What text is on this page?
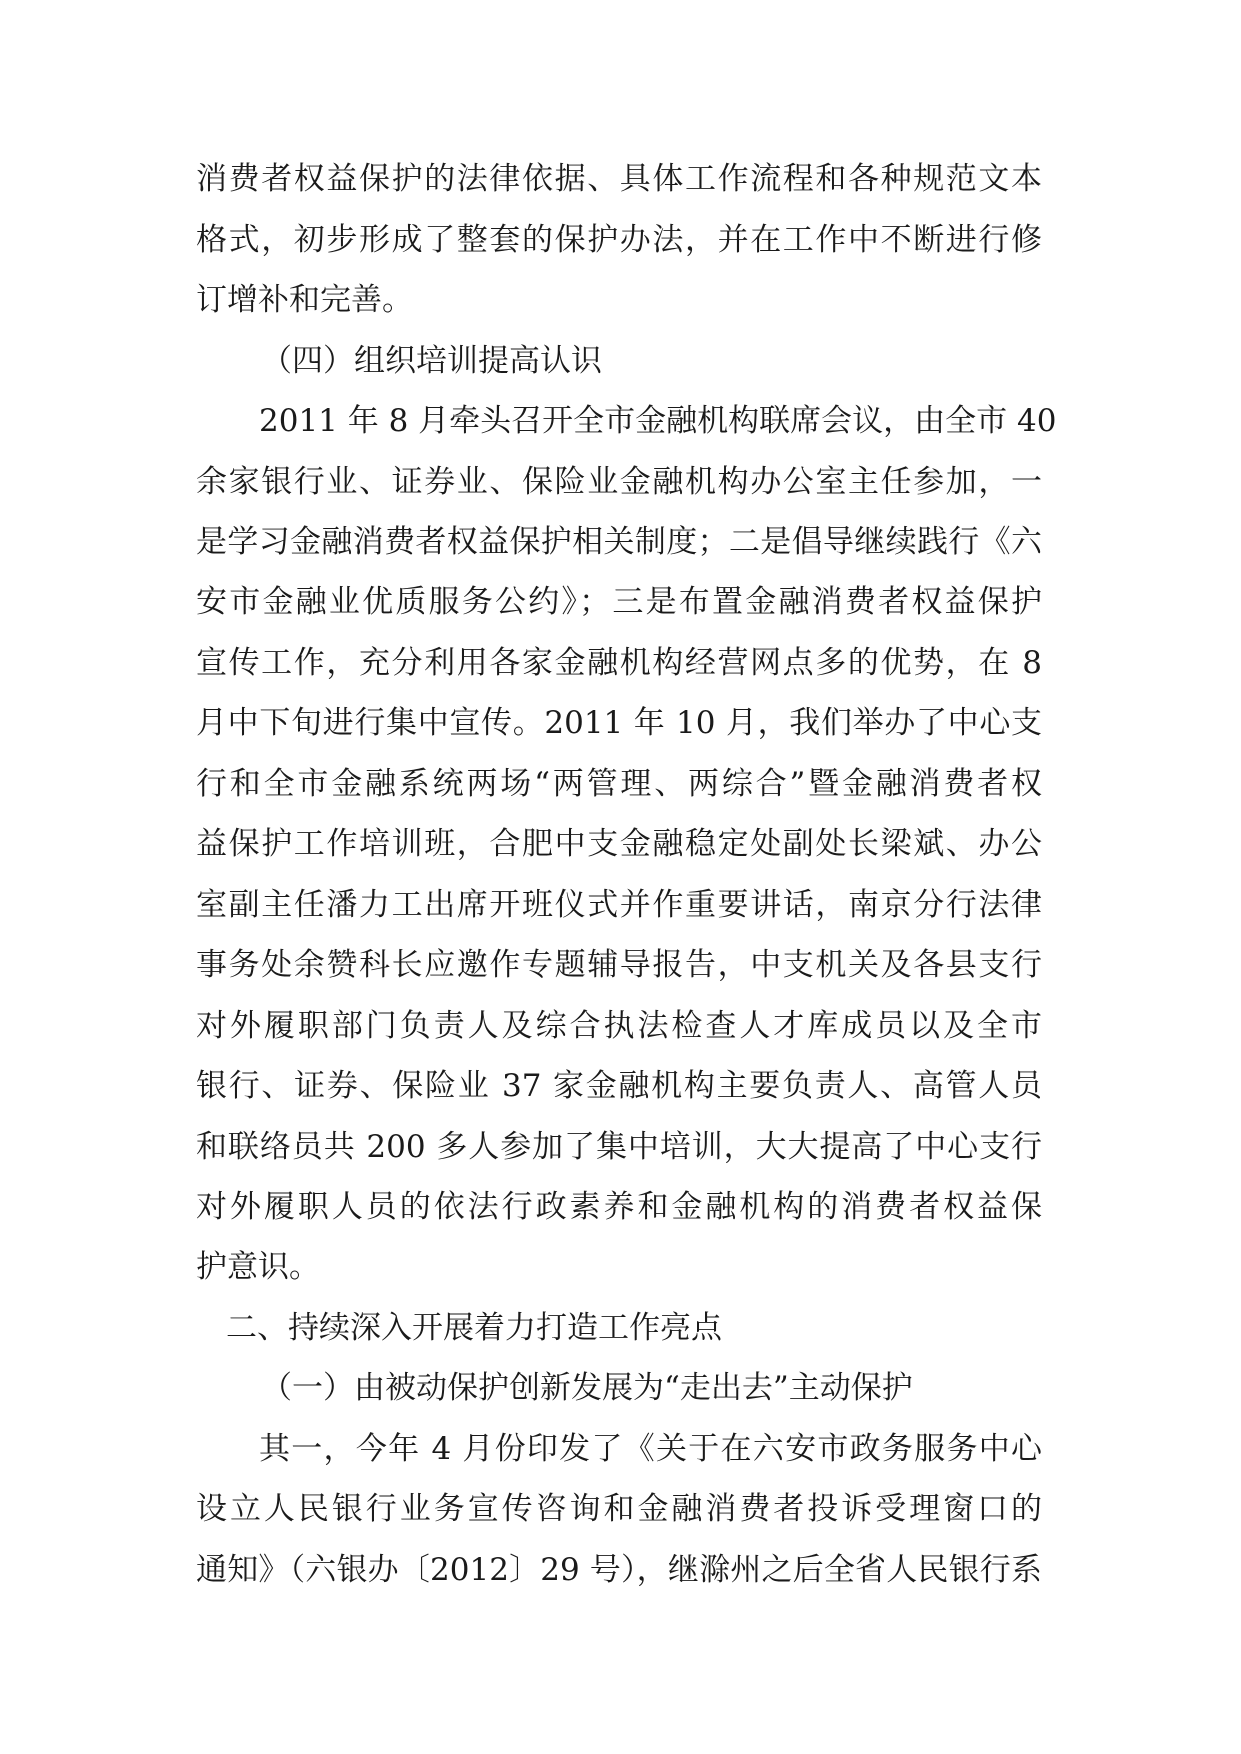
消费者权益保护的法律依据、具体工作流程和各种规范文本
格式，初步形成了整套的保护办法，并在工作中不断进行修
订增补和完善。
（四）组织培训提高认识
2011 年 8 月牵头召开全市金融机构联席会议，由全市 40
余家银行业、证券业、保险业金融机构办公室主任参加，一
是学习金融消费者权益保护相关制度；二是倡导继续践行《六
安市金融业优质服务公约》；三是布置金融消费者权益保护
宣传工作，充分利用各家金融机构经营网点多的优势，在 8
月中下旬进行集中宣传。2011 年 10 月，我们举办了中心支
行和全市金融系统两场“两管理、两综合”暨金融消费者权
益保护工作培训班，合肥中支金融稳定处副处长梁斌、办公
室副主任潘力工出席开班仪式并作重要讲话，南京分行法律
事务处余赞科长应邀作专题辅导报告，中支机关及各县支行
对外履职部门负责人及综合执法检查人才库成员以及全市
银行、证券、保险业 37 家金融机构主要负责人、高管人员
和联络员共 200 多人参加了集中培训，大大提高了中心支行
对外履职人员的依法行政素养和金融机构的消费者权益保
护意识。
二、持续深入开展着力打造工作亮点
（一）由被动保护创新发展为“走出去”主动保护
其一，今年 4 月份印发了《关于在六安市政务服务中心
设立人民银行业务宣传咨询和金融消费者投诉受理窗口的
通知》（六银办〔2012〕29 号），继滁州之后全省人民银行系
